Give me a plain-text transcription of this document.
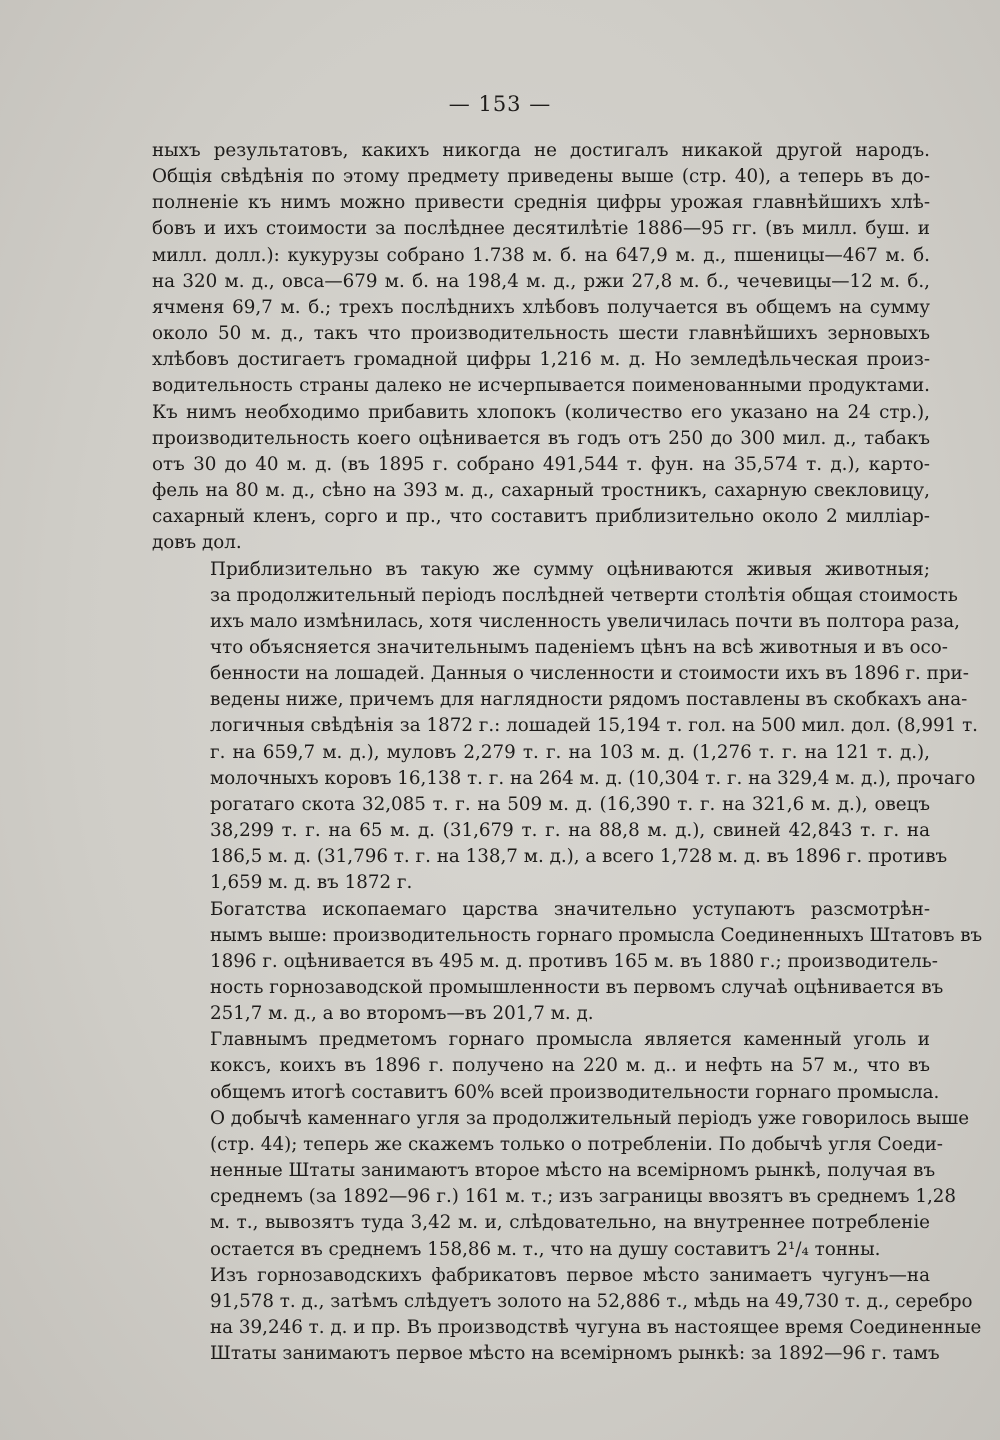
— 153 —
ныхъ результатовъ, какихъ никогда не достигалъ никакой другой народъ.
Общія свѣдѣнія по этому предмету приведены выше (стр. 40), а теперь въ до-
полненіе къ нимъ можно привести среднія цифры урожая главнѣйшихъ хлѣ-
бовъ и ихъ стоимости за послѣднее десятилѣтіе 1886—95 гг. (въ милл. буш. и
милл. долл.): кукурузы собрано 1.738 м. б. на 647,9 м. д., пшеницы—467 м. б.
на 320 м. д., овса—679 м. б. на 198,4 м. д., ржи 27,8 м. б., чечевицы—12 м. б.,
ячменя 69,7 м. б.; трехъ послѣднихъ хлѣбовъ получается въ общемъ на сумму
около 50 м. д., такъ что производительность шести главнѣйшихъ зерновыхъ
хлѣбовъ достигаетъ громадной цифры 1,216 м. д. Но земледѣльческая произ-
водительность страны далеко не исчерпывается поименованными продуктами.
Къ нимъ необходимо прибавить хлопокъ (количество его указано на 24 стр.),
производительность коего оцѣнивается въ годъ отъ 250 до 300 мил. д., табакъ
отъ 30 до 40 м. д. (въ 1895 г. собрано 491,544 т. фун. на 35,574 т. д.), карто-
фель на 80 м. д., сѣно на 393 м. д., сахарный тростникъ, сахарную свекловицу,
сахарный кленъ, сорго и пр., что составитъ приблизительно около 2 миллiар-
довъ дол.
Приблизительно въ такую же сумму оцѣниваются живыя животныя;
за продолжительный періодъ послѣдней четверти столѣтія общая стоимость
ихъ мало измѣнилась, хотя численность увеличилась почти въ полтора раза,
что объясняется значительнымъ паденіемъ цѣнъ на всѣ животныя и въ осо-
бенности на лошадей. Данныя о численности и стоимости ихъ въ 1896 г. при-
ведены ниже, причемъ для наглядности рядомъ поставлены въ скобкахъ ана-
логичныя свѣдѣнія за 1872 г.: лошадей 15,194 т. гол. на 500 мил. дол. (8,991 т.
г. на 659,7 м. д.), муловъ 2,279 т. г. на 103 м. д. (1,276 т. г. на 121 т. д.),
молочныхъ коровъ 16,138 т. г. на 264 м. д. (10,304 т. г. на 329,4 м. д.), прочаго
рогатаго скота 32,085 т. г. на 509 м. д. (16,390 т. г. на 321,6 м. д.), овецъ
38,299 т. г. на 65 м. д. (31,679 т. г. на 88,8 м. д.), свиней 42,843 т. г. на
186,5 м. д. (31,796 т. г. на 138,7 м. д.), а всего 1,728 м. д. въ 1896 г. противъ
1,659 м. д. въ 1872 г.
Богатства ископаемаго царства значительно уступаютъ разсмотрѣн-
нымъ выше: производительность горнаго промысла Соединенныхъ Штатовъ въ
1896 г. оцѣнивается въ 495 м. д. противъ 165 м. въ 1880 г.; производитель-
ность горнозаводской промышленности въ первомъ случаѣ оцѣнивается въ
251,7 м. д., а во второмъ—въ 201,7 м. д.
Главнымъ предметомъ горнаго промысла является каменный уголь и
коксъ, коихъ въ 1896 г. получено на 220 м. д.. и нефть на 57 м., что въ
общемъ итогѣ составитъ 60% всей производительности горнаго промысла.
О добычѣ каменнаго угля за продолжительный періодъ уже говорилось выше
(стр. 44); теперь же скажемъ только о потребленіи. По добычѣ угля Соеди-
ненные Штаты занимаютъ второе мѣсто на всемірномъ рынкѣ, получая въ
среднемъ (за 1892—96 г.) 161 м. т.; изъ заграницы ввозятъ въ среднемъ 1,28
м. т., вывозятъ туда 3,42 м. и, слѣдовательно, на внутреннее потребленіе
остается въ среднемъ 158,86 м. т., что на душу составитъ 2¹/₄ тонны.
Изъ горнозаводскихъ фабрикатовъ первое мѣсто занимаетъ чугунъ—на
91,578 т. д., затѣмъ слѣдуетъ золото на 52,886 т., мѣдь на 49,730 т. д., серебро
на 39,246 т. д. и пр. Въ производствѣ чугуна въ настоящее время Соединенные
Штаты занимаютъ первое мѣсто на всемірномъ рынкѣ: за 1892—96 г. тамъ
